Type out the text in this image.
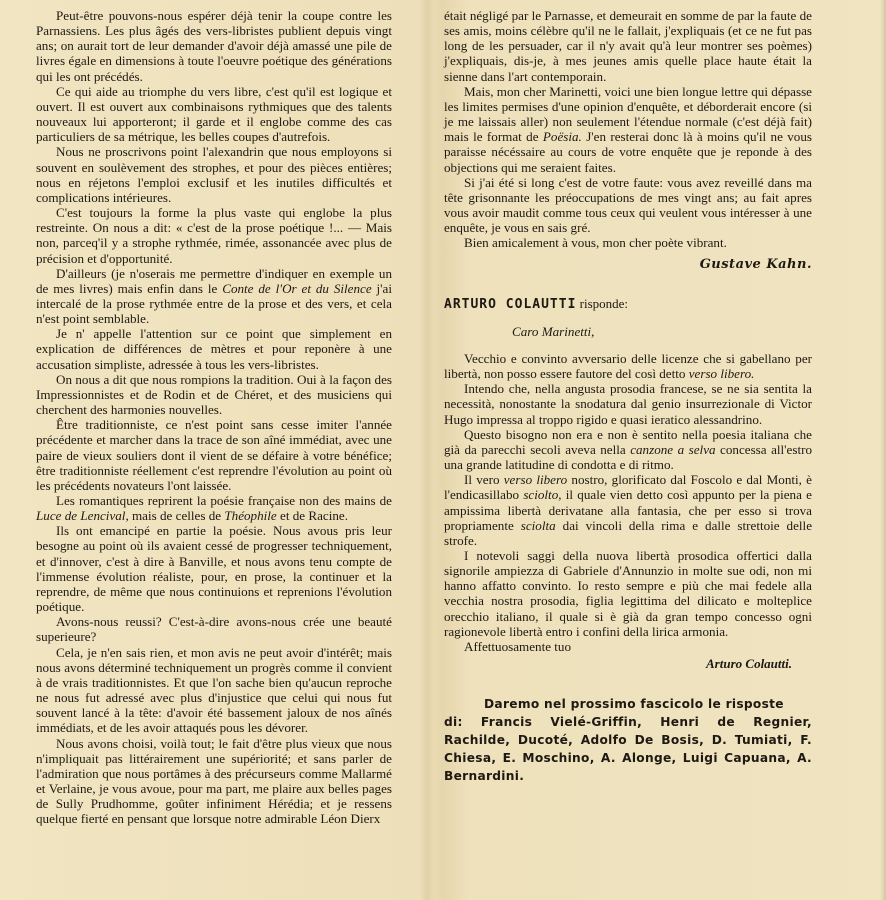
Peut-être pouvons-nous espérer déjà tenir la coupe contre les Parnassiens. Les plus âgés des vers-libristes publient depuis vingt ans; on aurait tort de leur demander d'avoir déjà amassé une pile de livres égale en dimensions à toute l'oeuvre poétique des générations qui les ont précédés.

Ce qui aide au triomphe du vers libre, c'est qu'il est logique et ouvert. Il est ouvert aux combinaisons rythmiques que des talents nouveaux lui apporteront; il garde et il englobe comme des cas particuliers de sa métrique, les belles coupes d'autrefois.

Nous ne proscrivons point l'alexandrin que nous employons si souvent en soulèvement des strophes, et pour des pièces entières; nous en réjetons l'emploi exclusif et les inutiles difficultés et complications intérieures.

C'est toujours la forme la plus vaste qui englobe la plus restreinte. On nous a dit: « c'est de la prose poétique !... — Mais non, parceq'il y a strophe rythmée, rimée, assonancée avec plus de précision et d'opportunité.

D'ailleurs (je n'oserais me permettre d'indiquer en exemple un de mes livres) mais enfin dans le Conte de l'Or et du Silence j'ai intercalé de la prose rythmée entre de la prose et des vers, et cela n'est point semblable.

Je n' appelle l'attention sur ce point que simplement en explication de différences de mètres et pour reponère à une accusation simpliste, adressée à tous les vers-libristes.

On nous a dit que nous rompions la tradition. Oui à la façon des Impressionnistes et de Rodin et de Chéret, et des musiciens qui cherchent des harmonies nouvelles.

Être traditionniste, ce n'est point sans cesse imiter l'année précédente et marcher dans la trace de son aîné immédiat, avec une paire de vieux souliers dont il vient de se défaire à votre bénéfice; être traditionniste réellement c'est reprendre l'évolution au point où les précédents novateurs l'ont laissée.

Les romantiques reprirent la poésie française non des mains de Luce de Lencival, mais de celles de Théophile et de Racine.

Ils ont emancipé en partie la poésie. Nous avous pris leur besogne au point où ils avaient cessé de progresser techniquement, et d'innover, c'est à dire à Banville, et nous avons tenu compte de l'immense évolution réaliste, pour, en prose, la continuer et la reprendre, de même que nous continuions et reprenions l'évolution poétique.

Avons-nous reussi? C'est-à-dire avons-nous crée une beauté superieure?

Cela, je n'en sais rien, et mon avis ne peut avoir d'intérêt; mais nous avons déterminé techniquement un progrès comme il convient à de vrais traditionnistes. Et que l'on sache bien qu'aucun reproche ne nous fut adressé avec plus d'injustice que celui qui nous fut souvent lancé à la tête: d'avoir été bassement jaloux de nos aînés immédiats, et de les avoir attaqués pous les dévorer.

Nous avons choisi, voilà tout; le fait d'être plus vieux que nous n'impliquait pas littérairement une supériorité; et sans parler de l'admiration que nous portâmes à des précurseurs comme Mallarmé et Verlaine, je vous avoue, pour ma part, me plaire aux belles pages de Sully Prudhomme, goûter infiniment Hérédia; et je ressens quelque fierté en pensant que lorsque notre admirable Léon Dierx

était négligé par le Parnasse, et demeurait en somme de par la faute de ses amis, moins célèbre qu'il ne le fallait, j'expliquais (et ce ne fut pas long de les persuader, car il n'y avait qu'à leur montrer ses poèmes) j'expliquais, dis-je, à mes jeunes amis quelle place haute était la sienne dans l'art contemporain.

Mais, mon cher Marinetti, voici une bien longue lettre qui dépasse les limites permises d'une opinion d'enquête, et déborderait encore (si je me laissais aller) non seulement l'étendue normale (c'est déjà fait) mais le format de Poësia. J'en resterai donc là à moins qu'il ne vous paraisse nécéssaire au cours de votre enquête que je reponde à des objections qui me seraient faites.

Si j'ai été si long c'est de votre faute: vous avez reveillé dans ma tête grisonnante les préoccupations de mes vingt ans; au fait apres vous avoir maudit comme tous ceux qui veulent vous intéresser à une enquête, je vous en sais gré.

Bien amicalement à vous, mon cher poète vibrant.

Gustave Kahn.

ARTURO COLAUTTI risponde:

Caro Marinetti,

Vecchio e convinto avversario delle licenze che si gabellano per libertà, non posso essere fautore del così detto verso libero.

Intendo che, nella angusta prosodia francese, se ne sia sentita la necessità, nonostante la snodatura dal genio insurrezionale di Victor Hugo impressa al troppo rigido e quasi ieratico alessandrino.

Questo bisogno non era e non è sentito nella poesia italiana che già da parecchi secoli aveva nella canzone a selva concessa all'estro una grande latitudine di condotta e di ritmo.

Il vero verso libero nostro, glorificato dal Foscolo e dal Monti, è l'endicasillabo sciolto, il quale vien detto così appunto per la piena e ampissima libertà derivatane alla fantasia, che per esso si trova propriamente sciolta dai vincoli della rima e dalle strettoie delle strofe.

I notevoli saggi della nuova libertà prosodica offertici dalla signorile ampiezza di Gabriele d'Annunzio in molte sue odi, non mi hanno affatto convinto. Io resto sempre e più che mai fedele alla vecchia nostra prosodia, figlia legittima del dilicato e molteplice orecchio italiano, il quale si è già da gran tempo concesso ogni ragionevole libertà entro i confini della lirica armonia.

Affettuosamente tuo

Arturo Colautti.

Daremo nel prossimo fascicolo le risposte
di: Francis Vielé-Griffin, Henri de Regnier, Rachilde, Ducoté, Adolfo De Bosis, D. Tumiati, F. Chiesa, E. Moschino, A. Alonge, Luigi Capuana, A. Bernardini.
